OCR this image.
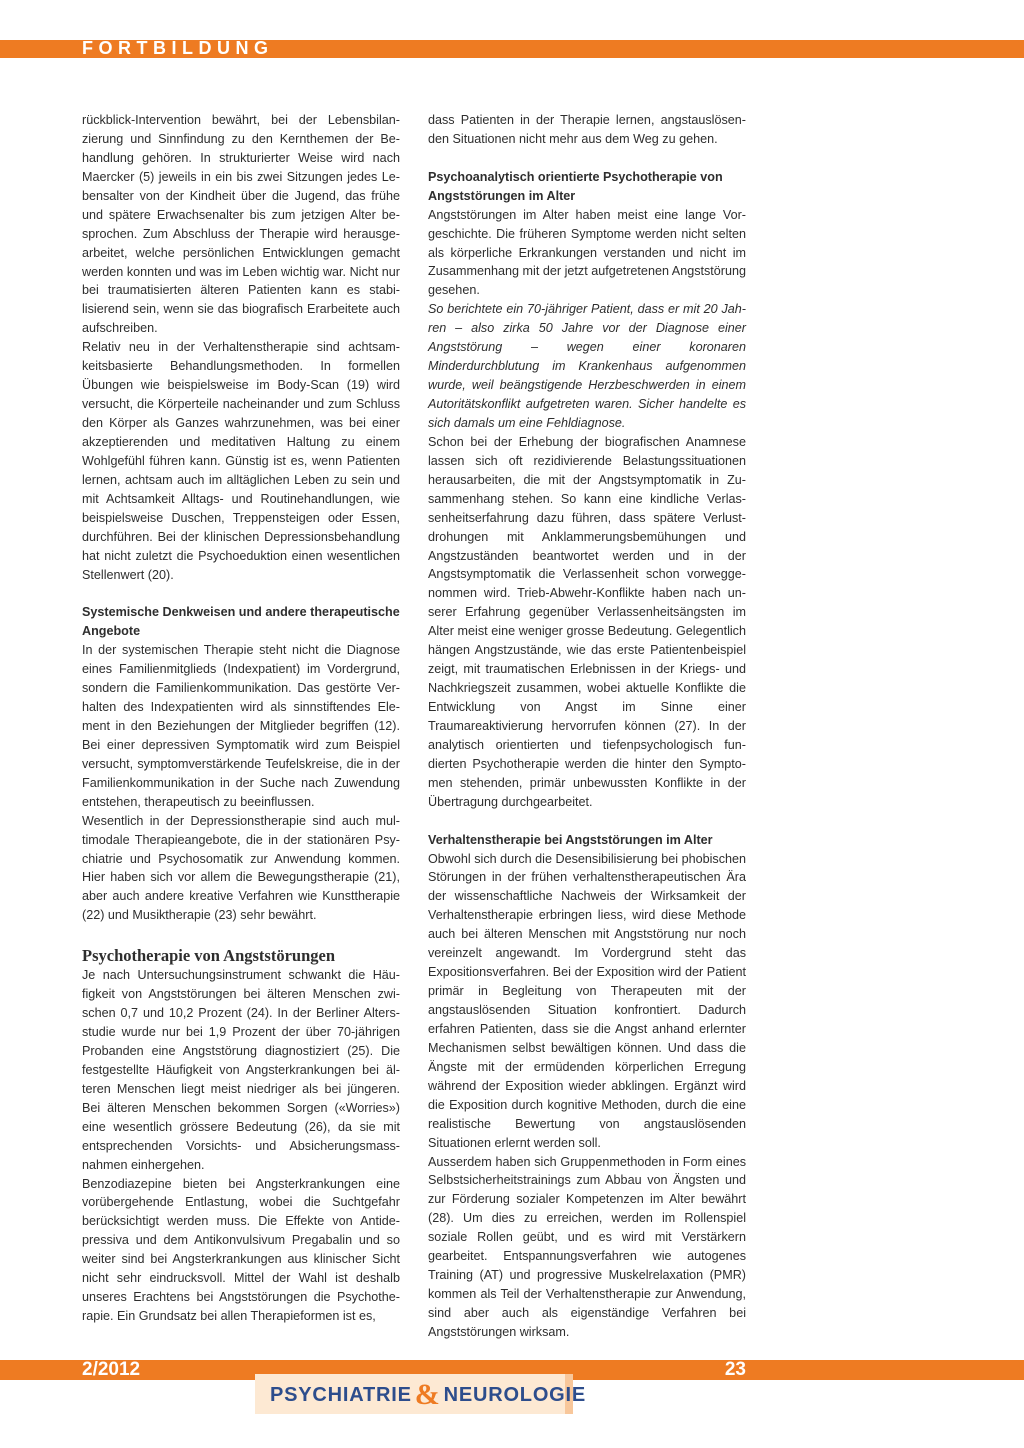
FORTBILDUNG

rückblick-Intervention bewährt, bei der Lebensbilanzierung und Sinnfindung zu den Kernthemen der Behandlung gehören. In strukturierter Weise wird nach Maercker (5) jeweils in ein bis zwei Sitzungen jedes Lebensalter von der Kindheit über die Jugend, das frühe und spätere Erwachsenalter bis zum jetzigen Alter besprochen. Zum Abschluss der Therapie wird herausgearbeitet, welche persönlichen Entwicklungen gemacht werden konnten und was im Leben wichtig war. Nicht nur bei traumatisierten älteren Patienten kann es stabilisierend sein, wenn sie das biografisch Erarbeitete auch aufschreiben.

Relativ neu in der Verhaltenstherapie sind achtsamkeitsbasierte Behandlungsmethoden. In formellen Übungen wie beispielsweise im Body-Scan (19) wird versucht, die Körperteile nacheinander und zum Schluss den Körper als Ganzes wahrzunehmen, was bei einer akzeptierenden und meditativen Haltung zu einem Wohlgefühl führen kann. Günstig ist es, wenn Patienten lernen, achtsam auch im alltäglichen Leben zu sein und mit Achtsamkeit Alltags- und Routinehandlungen, wie beispielsweise Duschen, Treppensteigen oder Essen, durchführen. Bei der klinischen Depressionsbehandlung hat nicht zuletzt die Psychoeduktion einen wesentlichen Stellenwert (20).

Systemische Denkweisen und andere therapeutische Angebote

In der systemischen Therapie steht nicht die Diagnose eines Familienmitglieds (Indexpatient) im Vordergrund, sondern die Familienkommunikation. Das gestörte Verhalten des Indexpatienten wird als sinnstiftendes Element in den Beziehungen der Mitglieder begriffen (12). Bei einer depressiven Symptomatik wird zum Beispiel versucht, symptomverstärkende Teufelskreise, die in der Familienkommunikation in der Suche nach Zuwendung entstehen, therapeutisch zu beeinflussen.

Wesentlich in der Depressionstherapie sind auch multimodale Therapieangebote, die in der stationären Psychiatrie und Psychosomatik zur Anwendung kommen. Hier haben sich vor allem die Bewegungstherapie (21), aber auch andere kreative Verfahren wie Kunsttherapie (22) und Musiktherapie (23) sehr bewährt.

Psychotherapie von Angststörungen

Je nach Untersuchungsinstrument schwankt die Häufigkeit von Angststörungen bei älteren Menschen zwischen 0,7 und 10,2 Prozent (24). In der Berliner Altersstudie wurde nur bei 1,9 Prozent der über 70-jährigen Probanden eine Angststörung diagnostiziert (25). Die festgestellte Häufigkeit von Angsterkrankungen bei älteren Menschen liegt meist niedriger als bei jüngeren. Bei älteren Menschen bekommen Sorgen («Worries») eine wesentlich grössere Bedeutung (26), da sie mit entsprechenden Vorsichts- und Absicherungsmassnahmen einhergehen.

Benzodiazepine bieten bei Angsterkrankungen eine vorübergehende Entlastung, wobei die Suchtgefahr berücksichtigt werden muss. Die Effekte von Antidepressiva und dem Antikonvulsivum Pregabalin und so weiter sind bei Angsterkrankungen aus klinischer Sicht nicht sehr eindrucksvoll. Mittel der Wahl ist deshalb unseres Erachtens bei Angststörungen die Psychotherapie. Ein Grundsatz bei allen Therapieformen ist es,

dass Patienten in der Therapie lernen, angstauslösenden Situationen nicht mehr aus dem Weg zu gehen.

Psychoanalytisch orientierte Psychotherapie von Angststörungen im Alter

Angststörungen im Alter haben meist eine lange Vorgeschichte. Die früheren Symptome werden nicht selten als körperliche Erkrankungen verstanden und nicht im Zusammenhang mit der jetzt aufgetretenen Angststörung gesehen.

So berichtete ein 70-jähriger Patient, dass er mit 20 Jahren – also zirka 50 Jahre vor der Diagnose einer Angststörung – wegen einer koronaren Minderdurchblutung im Krankenhaus aufgenommen wurde, weil beängstigende Herzbeschwerden in einem Autoritätskonflikt aufgetreten waren. Sicher handelte es sich damals um eine Fehldiagnose.

Schon bei der Erhebung der biografischen Anamnese lassen sich oft rezidivierende Belastungssituationen herausarbeiten, die mit der Angstsymptomatik in Zusammenhang stehen. So kann eine kindliche Verlassenheitserfahrung dazu führen, dass spätere Verlustdrohungen mit Anklammerungsbemühungen und Angstzuständen beantwortet werden und in der Angstsymptomatik die Verlassenheit schon vorweggenommen wird. Trieb-Abwehr-Konflikte haben nach unserer Erfahrung gegenüber Verlassenheitsängsten im Alter meist eine weniger grosse Bedeutung. Gelegentlich hängen Angstzustände, wie das erste Patientenbeispiel zeigt, mit traumatischen Erlebnissen in der Kriegs- und Nachkriegszeit zusammen, wobei aktuelle Konflikte die Entwicklung von Angst im Sinne einer Traumareaktivierung hervorrufen können (27). In der analytisch orientierten und tiefenpsychologisch fundierten Psychotherapie werden die hinter den Symptomen stehenden, primär unbewussten Konflikte in der Übertragung durchgearbeitet.

Verhaltenstherapie bei Angststörungen im Alter

Obwohl sich durch die Desensibilisierung bei phobischen Störungen in der frühen verhaltenstherapeutischen Ära der wissenschaftliche Nachweis der Wirksamkeit der Verhaltenstherapie erbringen liess, wird diese Methode auch bei älteren Menschen mit Angststörung nur noch vereinzelt angewandt. Im Vordergrund steht das Expositionsverfahren. Bei der Exposition wird der Patient primär in Begleitung von Therapeuten mit der angstauslösenden Situation konfrontiert. Dadurch erfahren Patienten, dass sie die Angst anhand erlernter Mechanismen selbst bewältigen können. Und dass die Ängste mit der ermüdenden körperlichen Erregung während der Exposition wieder abklingen. Ergänzt wird die Exposition durch kognitive Methoden, durch die eine realistische Bewertung von angstauslösenden Situationen erlernt werden soll.

Ausserdem haben sich Gruppenmethoden in Form eines Selbstsicherheitstrainings zum Abbau von Ängsten und zur Förderung sozialer Kompetenzen im Alter bewährt (28). Um dies zu erreichen, werden im Rollenspiel soziale Rollen geübt, und es wird mit Verstärkern gearbeitet. Entspannungsverfahren wie autogenes Training (AT) und progressive Muskelrelaxation (PMR) kommen als Teil der Verhaltenstherapie zur Anwendung, sind aber auch als eigenständige Verfahren bei Angststörungen wirksam.

2/2012	23
PSYCHIATRIE & NEUROLOGIE
